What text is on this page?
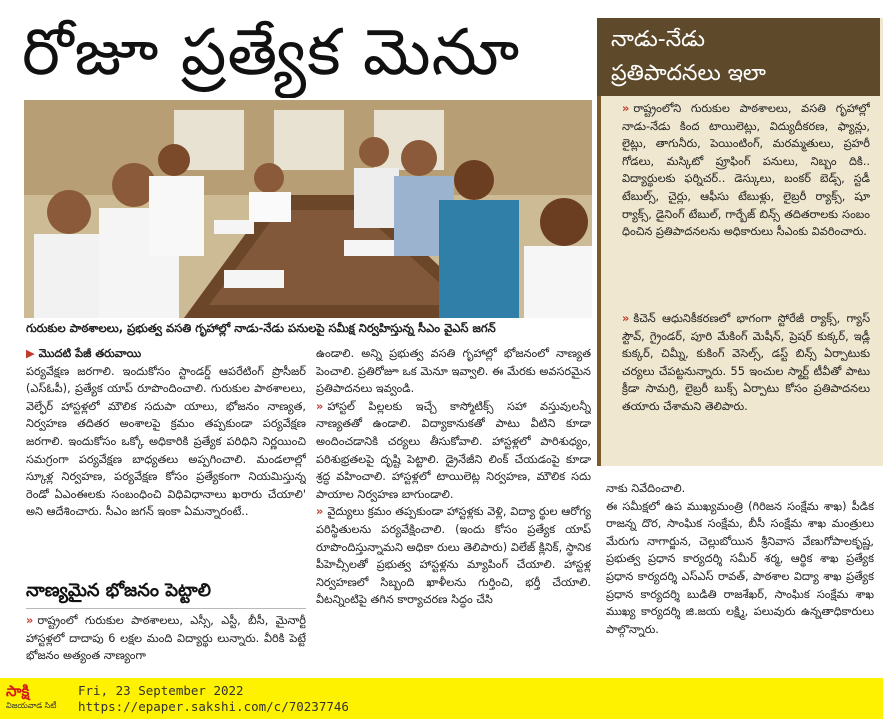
రోజూ ప్రత్యేక మెనూ	నాడు-నేడు
ప్రతిపాదనలు ఇలా
» రాష్ట్రంలోని గురుకుల పాఠశాలలు, వసతి గృహాల్లో నాడు-నేడు కింద టాయిలెట్లు, విద్యుదీకరణ, ఫ్యాన్లు, లైట్లు, తాగునీరు, పెయింటింగ్, మరమ్మతులు, ప్రహరీ గోడలు, మస్కిటో ప్రూఫింగ్ పనులు, నిబ్బం దికి.. విద్యార్థులకు ఫర్నిచర్.. డెస్కులు, బంకర్ బెడ్స్, స్టడీ టేబుల్స్, చైర్లు, ఆఫీసు టేబుళ్లు, లైబ్రరీ ర్యాక్స్, షూ ర్యాక్స్, డైనింగ్ టేబుల్, గార్బేజ్ బిన్స్ తదితరాలకు సంబం ధించిన ప్రతిపాదనలను అధికారులు సీఎంకు వివరించారు.
» కిచెన్ ఆధునికీకరణలో భాగంగా స్టోరేజీ ర్యాక్స్, గ్యాస్ స్టౌవ్, గ్రైండర్, పూరి మేకింగ్ మెషీన్, ప్రెషర్ కుక్కర్, ఇడ్లీ కుక్కర్, చిమ్నీ, కుకింగ్ వెసెల్స్, డస్ట్ బిన్స్ ఏర్పాటుకు చర్యలు చేపట్టనున్నారు. 55 ఇంచుల స్మార్ట్ టీవీతో పాటు క్రీడా సామగ్రి, లైబ్రరీ బుక్స్ ఏర్పాటు కోసం ప్రతిపాదనలు తయారు చేశామని తెలిపారు.
గురుకుల పాఠశాలలు, ప్రభుత్వ వసతి గృహాల్లో నాడు-నేడు పనులపై సమీక్ష నిర్వహిస్తున్న సీఎం వైఎస్ జగన్
▶ మొదటి పేజీ తరువాయి

పర్యవేక్షణ జరగాలి. ఇందుకోసం స్టాండర్డ్ ఆపరేటింగ్ ప్రొసీజర్ (ఎస్ఓపీ), ప్రత్యేక యాప్ రూపొందించాలి. గురుకుల పాఠశాలలు, వెల్ఫేర్ హాస్టళ్లలో మౌలిక సదుపా యాలు, భోజనం నాణ్యత, నిర్వహణ తదితర అంశాలపై క్రమం తప్పకుండా పర్యవేక్షణ జరగాలి. ఇందుకోసం ఒక్కో అధికారికి ప్రత్యేక పరిధిని నిర్ణయించి సమగ్రంగా పర్యవేక్షణ బాధ్యతలు అప్పగించాలి. మండలాల్లో స్కూళ్ల నిర్వహణ, పర్యవేక్షణ కోసం ప్రత్యేకంగా నియమిస్తున్న రెండో ఏఎంఈలకు సంబంధించి విధివిధానాలు ఖరారు చేయాలి' అని ఆదేశించారు. సీఎం జగన్ ఇంకా ఏమన్నారంటే..

నాణ్యమైన భోజనం పెట్టాలి
» రాష్ట్రంలో గురుకుల పాఠశాలలు, ఎస్సీ, ఎస్టీ, బీసీ, మైనార్టీ హాస్టళ్లలో దాదాపు 6 లక్షల మంది విద్యార్థు లున్నారు. వీరికి పెట్టే భోజనం అత్యంత నాణ్యంగా

ఉండాలి. అన్ని ప్రభుత్వ వసతి గృహాల్లో భోజనంలో నాణ్యత పెంచాలి. ప్రతిరోజూ ఒక మెనూ ఇవ్వాలి. ఈ మేరకు అవసరమైన ప్రతిపాదనలు ఇవ్వండి.

» హాస్టల్ పిల్లలకు ఇచ్చే కాస్మోటిక్స్ సహా వస్తువులన్నీ నాణ్యతతో ఉండాలి. విద్యాకానుకతో పాటు వీటిని కూడా అందించడానికి చర్యలు తీసుకోవాలి. హాస్టళ్లలో పారిశుధ్యం, పరిశుభ్రతలపై దృష్టి పెట్టాలి. డ్రైనేజీని లింక్ చేయడంపై కూడా శ్రద్ధ వహించాలి. హాస్టళ్లలో టాయిలెట్ల నిర్వహణ, మౌలిక సదు పాయాల నిర్వహణ బాగుండాలి.

» వైద్యులు క్రమం తప్పకుండా హాస్టళ్లకు వెళ్లి, విద్యా ర్థుల ఆరోగ్య పరిస్థితులను పర్యవేక్షించాలి. (ఇందు కోసం ప్రత్యేక యాప్ రూపొందిస్తున్నామని అధికా రులు తెలిపారు) విలేజ్ క్లినిక్, స్థానిక పీహెచ్సీలతో ప్రభుత్వ హాస్టళ్లను మ్యాపింగ్ చేయాలి. హాస్టళ్ల నిర్వహణలో సిబ్బంది ఖాళీలను గుర్తించి, భర్తీ చేయాలి. వీటన్నింటిపై తగిన కార్యాచరణ సిద్ధం చేసి

నాకు నివేదించాలి.
ఈ సమీక్షలో ఉప ముఖ్యమంత్రి (గిరిజన సంక్షేమ శాఖ) పీడిక రాజన్న దొర, సాంఘిక సంక్షేమ, బీసీ సంక్షేమ శాఖ మంత్రులు మేరుగు నాగార్జున, చెల్లుబోయిన శ్రీనివాస వేణుగోపాలకృష్ణ, ప్రభుత్వ ప్రధాన కార్యదర్శి సమీర్ శర్మ, ఆర్థిక శాఖ ప్రత్యేక ప్రధాన కార్యదర్శి ఎస్ఎస్ రావత్, పాఠశాల విద్యా శాఖ ప్రత్యేక ప్రధాన కార్యదర్శి బుడితి రాజశేఖర్, సాంఘిక సంక్షేమ శాఖ ముఖ్య కార్యదర్శి జి.జయ లక్ష్మి, పలువురు ఉన్నతాధికారులు పాల్గొన్నారు.
సాక్షి
విజయవాడ సిటీ
Fri, 23 September 2022
https://epaper.sakshi.com/c/70237746
